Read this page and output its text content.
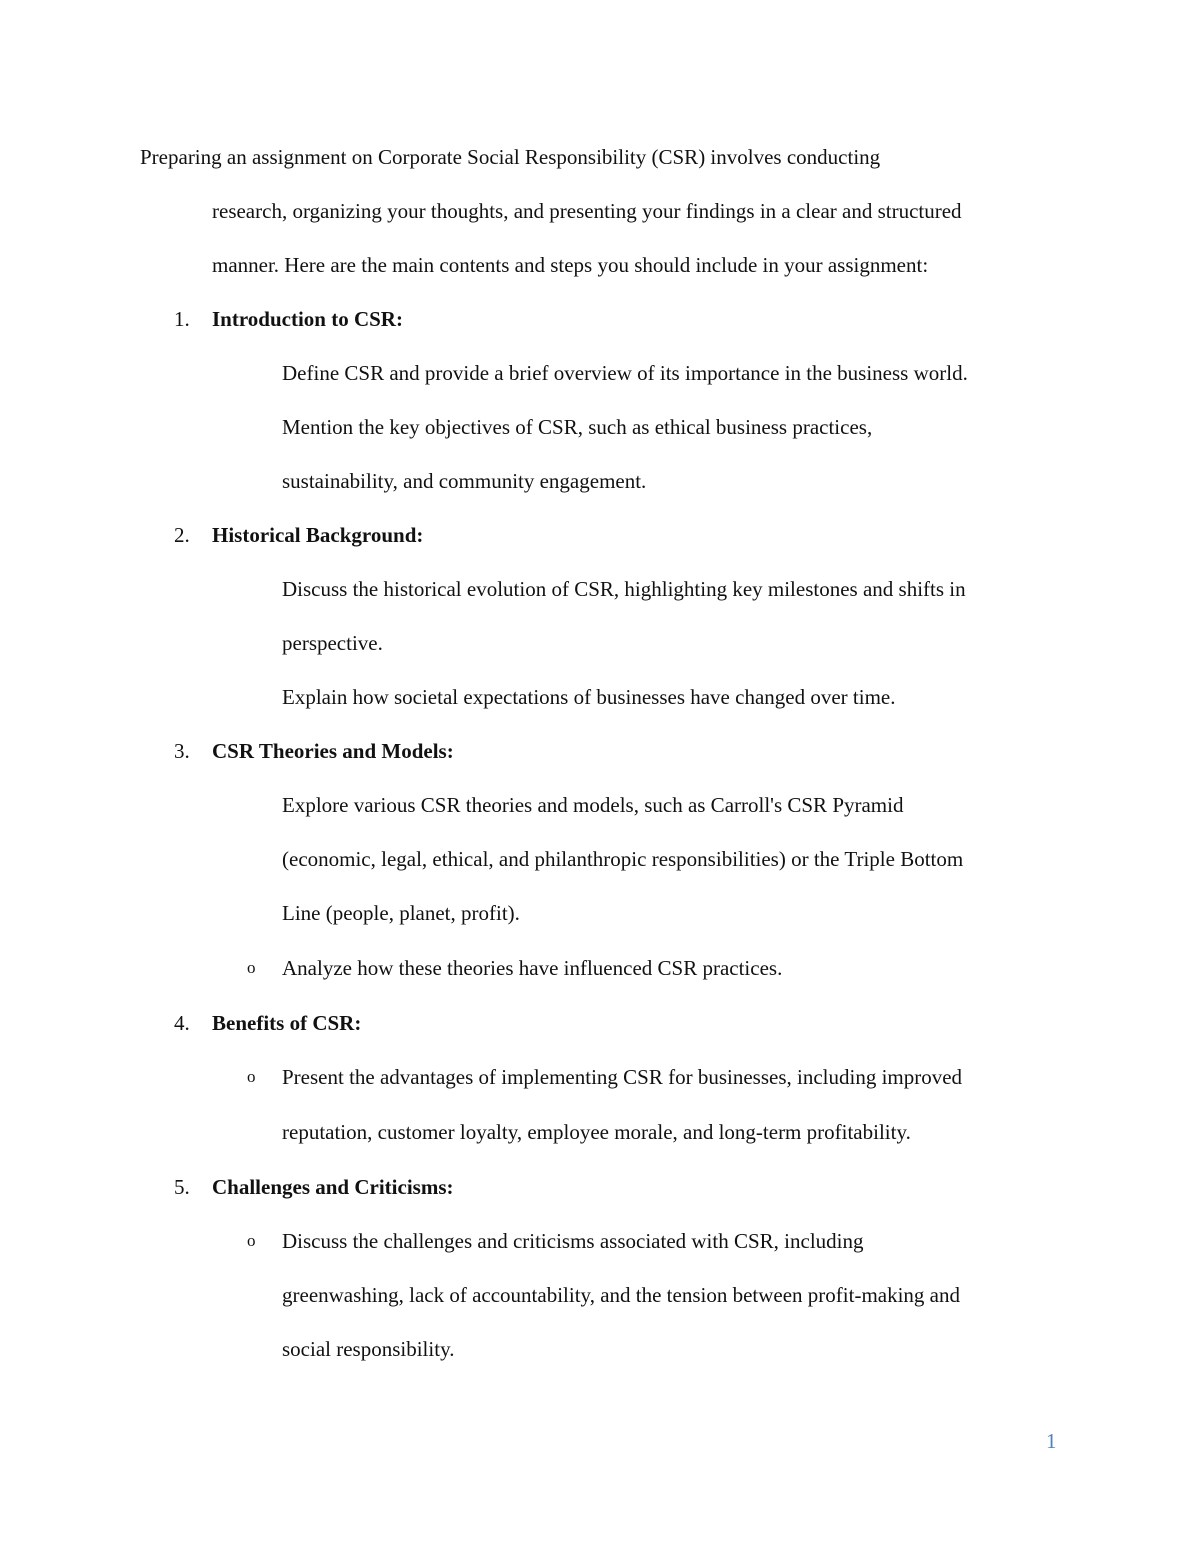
Preparing an assignment on Corporate Social Responsibility (CSR) involves conducting
research, organizing your thoughts, and presenting your findings in a clear and structured
manner. Here are the main contents and steps you should include in your assignment:
1. Introduction to CSR:
Define CSR and provide a brief overview of its importance in the business world.
Mention the key objectives of CSR, such as ethical business practices,
sustainability, and community engagement.
2. Historical Background:
Discuss the historical evolution of CSR, highlighting key milestones and shifts in
perspective.
Explain how societal expectations of businesses have changed over time.
3. CSR Theories and Models:
Explore various CSR theories and models, such as Carroll's CSR Pyramid
(economic, legal, ethical, and philanthropic responsibilities) or the Triple Bottom
Line (people, planet, profit).
o Analyze how these theories have influenced CSR practices.
4. Benefits of CSR:
o Present the advantages of implementing CSR for businesses, including improved
reputation, customer loyalty, employee morale, and long-term profitability.
5. Challenges and Criticisms:
o Discuss the challenges and criticisms associated with CSR, including
greenwashing, lack of accountability, and the tension between profit-making and
social responsibility.
1
